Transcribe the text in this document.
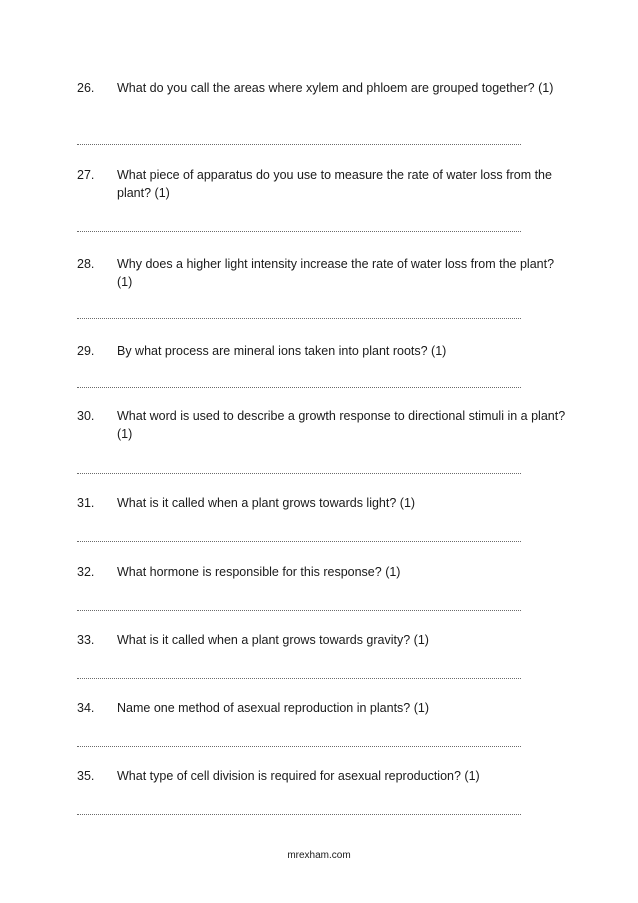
26. What do you call the areas where xylem and phloem are grouped together? (1)
27. What piece of apparatus do you use to measure the rate of water loss from the plant? (1)
28. Why does a higher light intensity increase the rate of water loss from the plant? (1)
29. By what process are mineral ions taken into plant roots? (1)
30. What word is used to describe a growth response to directional stimuli in a plant? (1)
31. What is it called when a plant grows towards light? (1)
32. What hormone is responsible for this response? (1)
33. What is it called when a plant grows towards gravity? (1)
34. Name one method of asexual reproduction in plants? (1)
35. What type of cell division is required for asexual reproduction? (1)
mrexham.com
